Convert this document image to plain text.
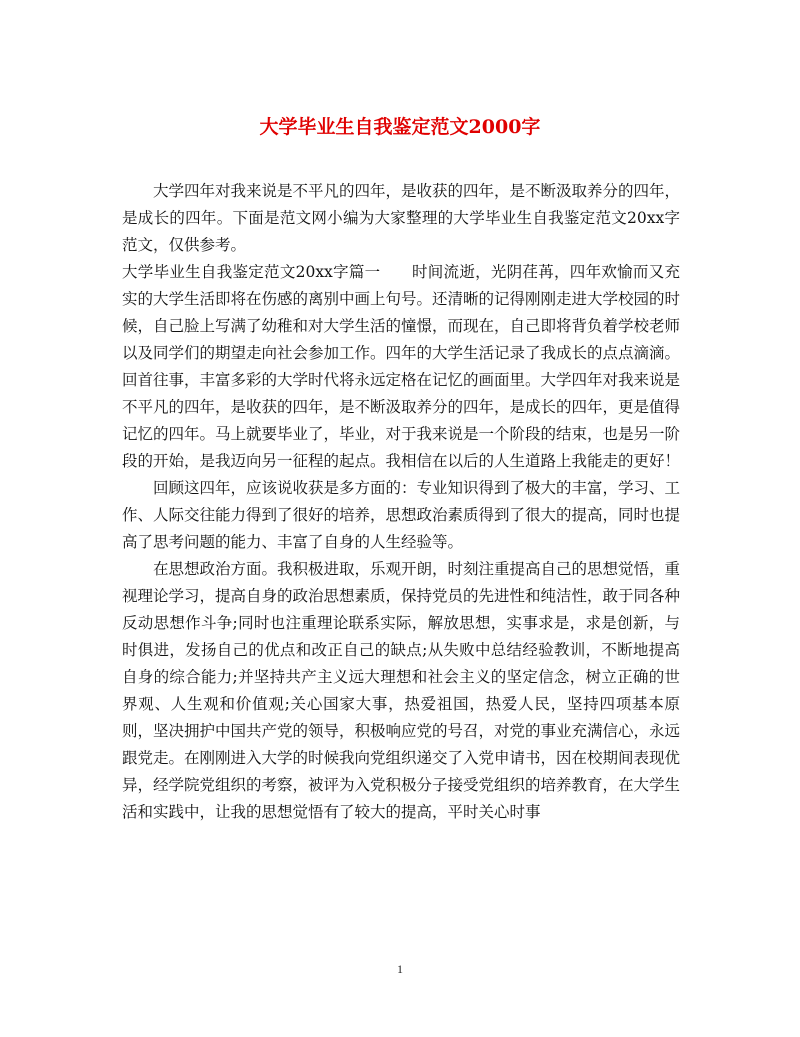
大学毕业生自我鉴定范文2000字

大学四年对我来说是不平凡的四年，是收获的四年，是不断汲取养分的四年，是成长的四年。下面是范文网小编为大家整理的大学毕业生自我鉴定范文20xx字范文，仅供参考。

大学毕业生自我鉴定范文20xx字篇一　　时间流逝，光阴荏苒，四年欢愉而又充实的大学生活即将在伤感的离别中画上句号。还清晰的记得刚刚走进大学校园的时候，自己脸上写满了幼稚和对大学生活的憧憬，而现在，自己即将背负着学校老师以及同学们的期望走向社会参加工作。四年的大学生活记录了我成长的点点滴滴。回首往事，丰富多彩的大学时代将永远定格在记忆的画面里。大学四年对我来说是不平凡的四年，是收获的四年，是不断汲取养分的四年，是成长的四年，更是值得记忆的四年。马上就要毕业了，毕业，对于我来说是一个阶段的结束，也是另一阶段的开始，是我迈向另一征程的起点。我相信在以后的人生道路上我能走的更好！

回顾这四年，应该说收获是多方面的：专业知识得到了极大的丰富，学习、工作、人际交往能力得到了很好的培养，思想政治素质得到了很大的提高，同时也提高了思考问题的能力、丰富了自身的人生经验等。

在思想政治方面。我积极进取，乐观开朗，时刻注重提高自己的思想觉悟，重视理论学习，提高自身的政治思想素质，保持党员的先进性和纯洁性，敢于同各种反动思想作斗争;同时也注重理论联系实际，解放思想，实事求是，求是创新，与时俱进，发扬自己的优点和改正自己的缺点;从失败中总结经验教训，不断地提高自身的综合能力;并坚持共产主义远大理想和社会主义的坚定信念，树立正确的世界观、人生观和价值观;关心国家大事，热爱祖国，热爱人民，坚持四项基本原则，坚决拥护中国共产党的领导，积极响应党的号召，对党的事业充满信心，永远跟党走。在刚刚进入大学的时候我向党组织递交了入党申请书，因在校期间表现优异，经学院党组织的考察，被评为入党积极分子接受党组织的培养教育，在大学生活和实践中，让我的思想觉悟有了较大的提高，平时关心时事

1
